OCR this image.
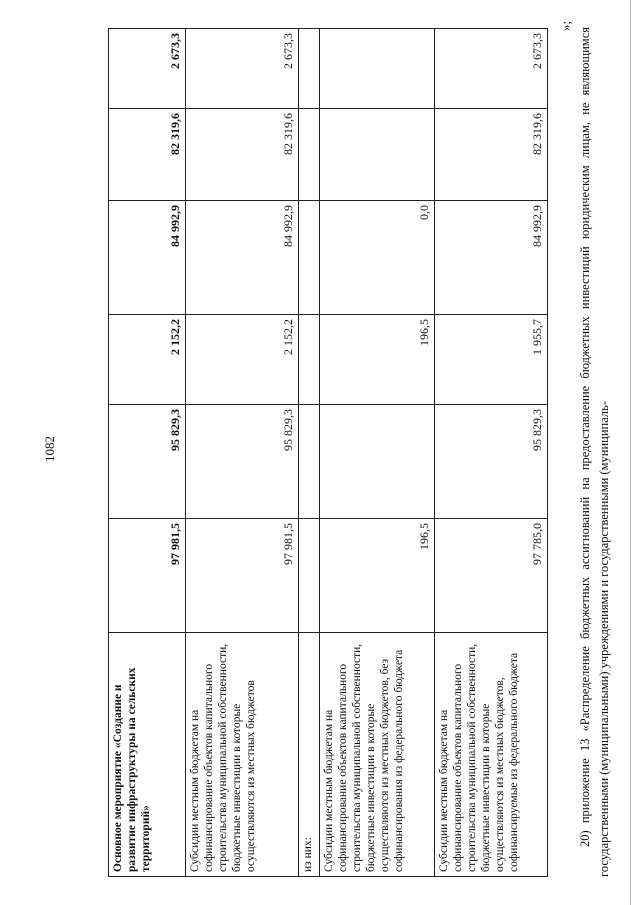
1082
Основное мероприятие «Создание и развитие инфраструктуры на сельских территорий»	97 981,5	95 829,3	2 152,2	84 992,9	82 319,6	2 673,3
Субсидии местным бюджетам на софинансирование объектов капитального строительства муниципальной собственности, бюджетные инвестиции в которые осуществляются из местных бюджетов	97 981,5	95 829,3	2 152,2	84 992,9	82 319,6	2 673,3
из них:						
Субсидии местным бюджетам на софинансирование объектов капитального строительства муниципальной собственности, бюджетные инвестиции в которые осуществляются из местных бюджетов, без софинансирования из федерального бюджета	196,5		196,5	0,0		
Субсидии местным бюджетам на софинансирование объектов капитального строительства муниципальной собственности, бюджетные инвестиции в которые осуществляются из местных бюджетов, софинансируемые из федерального бюджета	97 785,0	95 829,3	1 955,7	84 992,9	82 319,6	2 673,3
»;
20) приложение 13 «Распределение бюджетных ассигнований на предоставление бюджетных инвестиций юридическим лицам, не являющимся государственными (муниципальными) учреждениями и государственными (муниципаль-
